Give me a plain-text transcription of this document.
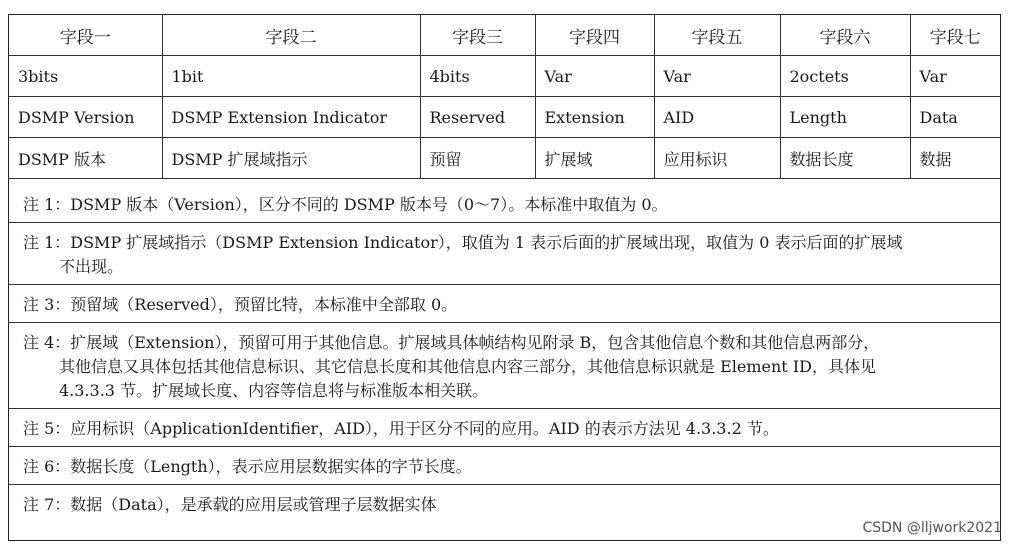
字段一	字段二	字段三	字段四	字段五	字段六	字段七
3bits	1bit	4bits	Var	Var	2octets	Var
DSMP Version	DSMP Extension Indicator	Reserved	Extension	AID	Length	Data
DSMP 版本	DSMP 扩展域指示	预留	扩展域	应用标识	数据长度	数据
注 1：DSMP 版本（Version），区分不同的 DSMP 版本号（0～7）。本标准中取值为 0。
注 1：DSMP 扩展域指示（DSMP Extension Indicator），取值为 1 表示后面的扩展域出现，取值为 0 表示后面的扩展域
不出现。
注 3：预留域（Reserved），预留比特，本标准中全部取 0。
注 4：扩展域（Extension），预留可用于其他信息。扩展域具体帧结构见附录 B，包含其他信息个数和其他信息两部分，
其他信息又具体包括其他信息标识、其它信息长度和其他信息内容三部分，其他信息标识就是 Element ID，具体见
4.3.3.3 节。扩展域长度、内容等信息将与标准版本相关联。
注 5：应用标识（ApplicationIdentifier，AID），用于区分不同的应用。AID 的表示方法见 4.3.3.2 节。
注 6：数据长度（Length），表示应用层数据实体的字节长度。
注 7：数据（Data），是承载的应用层或管理子层数据实体
CSDN @lljwork2021
